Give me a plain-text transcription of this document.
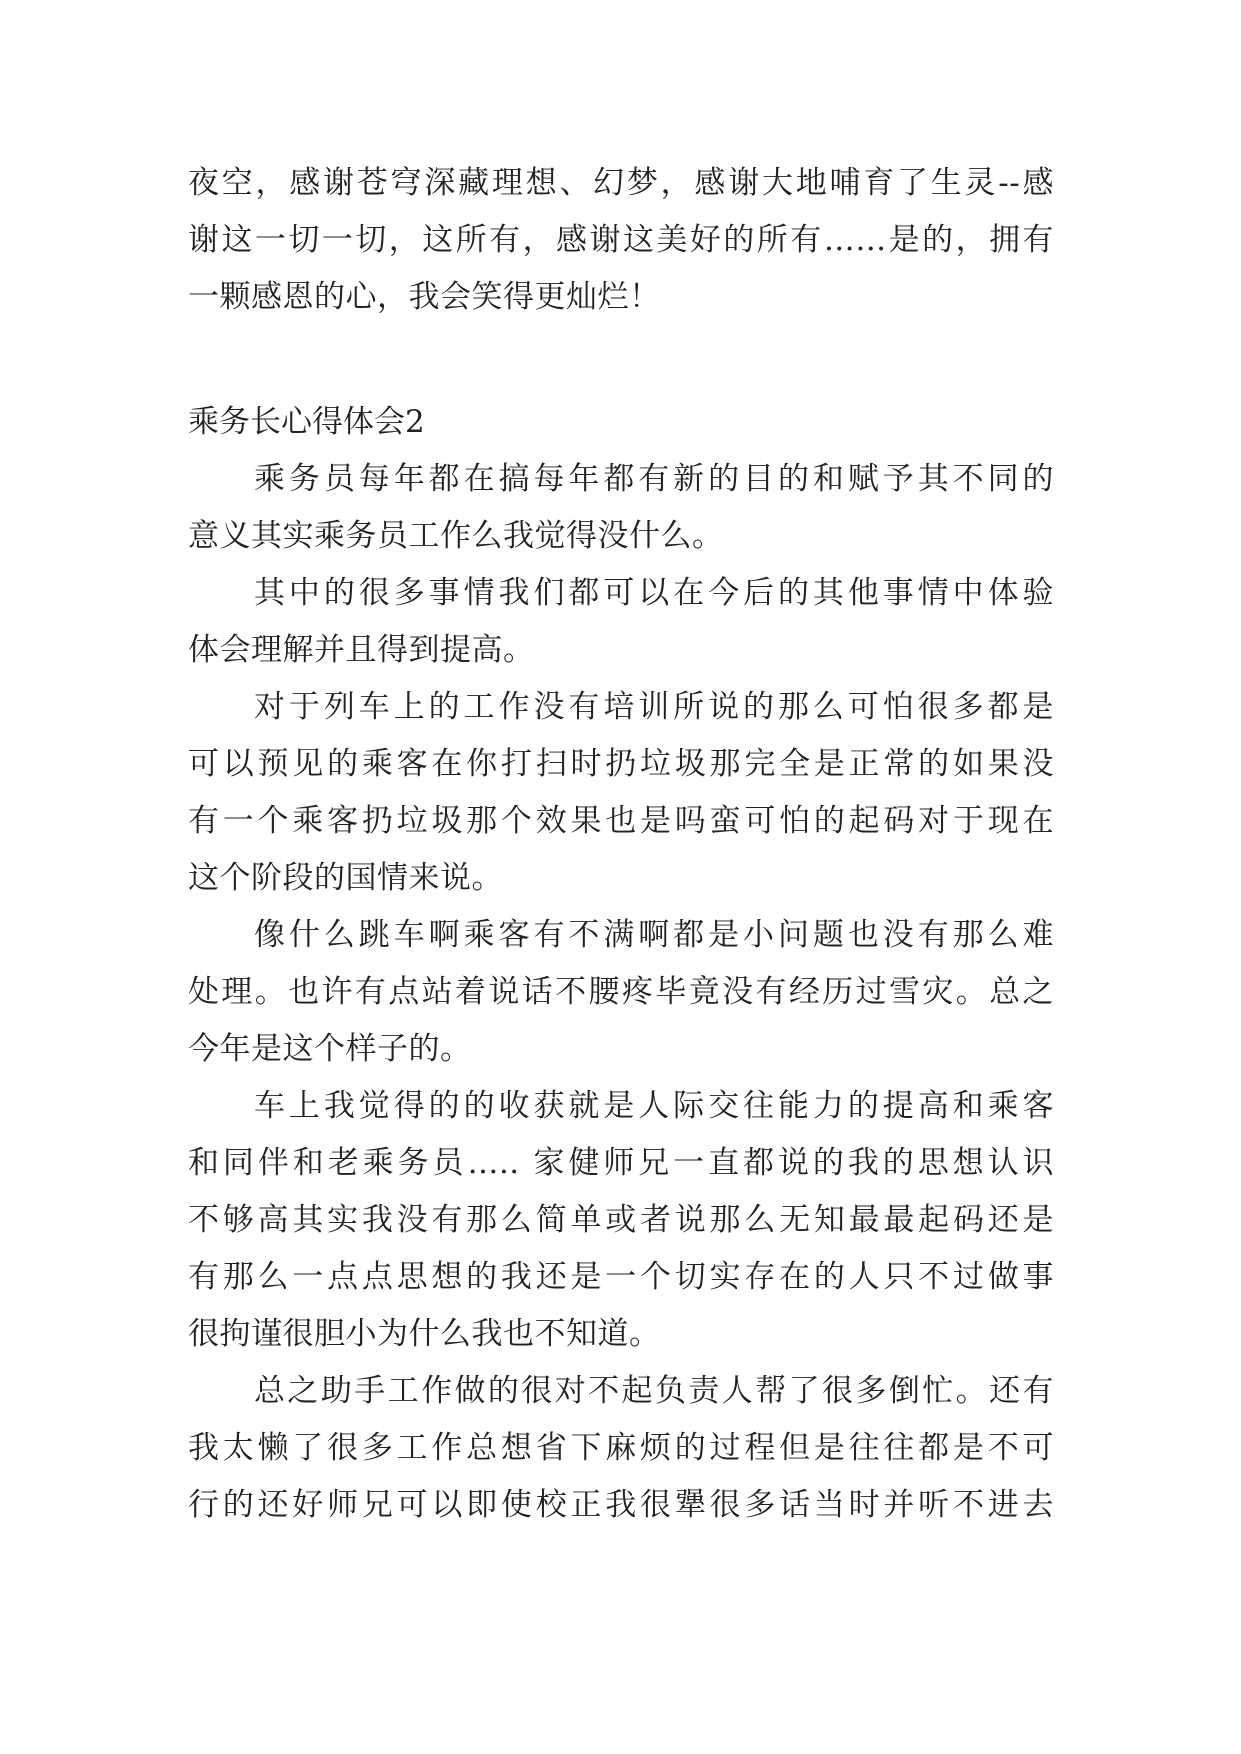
夜空，感谢苍穹深藏理想、幻梦，感谢大地哺育了生灵--感
谢这一切一切，这所有，感谢这美好的所有……是的，拥有
一颗感恩的心，我会笑得更灿烂！
乘务长心得体会2
乘务员每年都在搞每年都有新的目的和赋予其不同的
意义其实乘务员工作么我觉得没什么。
其中的很多事情我们都可以在今后的其他事情中体验
体会理解并且得到提高。
对于列车上的工作没有培训所说的那么可怕很多都是
可以预见的乘客在你打扫时扔垃圾那完全是正常的如果没
有一个乘客扔垃圾那个效果也是吗蛮可怕的起码对于现在
这个阶段的国情来说。
像什么跳车啊乘客有不满啊都是小问题也没有那么难
处理。也许有点站着说话不腰疼毕竟没有经历过雪灾。总之
今年是这个样子的。
车上我觉得的的收获就是人际交往能力的提高和乘客
和同伴和老乘务员….. 家健师兄一直都说的我的思想认识
不够高其实我没有那么简单或者说那么无知最最起码还是
有那么一点点思想的我还是一个切实存在的人只不过做事
很拘谨很胆小为什么我也不知道。
总之助手工作做的很对不起负责人帮了很多倒忙。还有
我太懒了很多工作总想省下麻烦的过程但是往往都是不可
行的还好师兄可以即使校正我很犟很多话当时并听不进去
